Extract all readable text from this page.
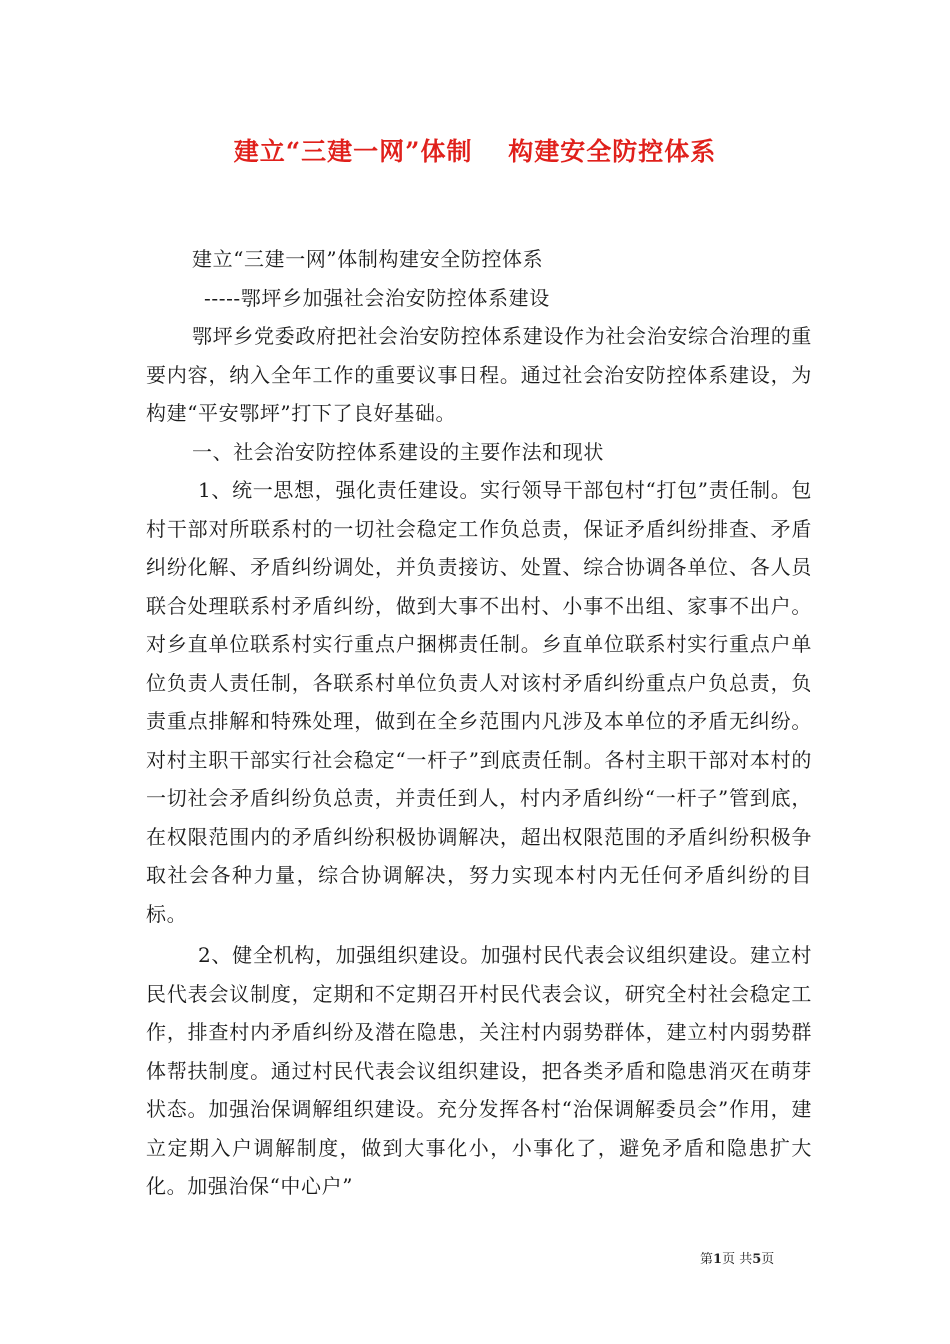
建立“三建一网”体制　 构建安全防控体系

建立“三建一网”体制构建安全防控体系

-----鄂坪乡加强社会治安防控体系建设

鄂坪乡党委政府把社会治安防控体系建设作为社会治安综合治理的重要内容，纳入全年工作的重要议事日程。通过社会治安防控体系建设，为构建“平安鄂坪”打下了良好基础。

一、社会治安防控体系建设的主要作法和现状

1、统一思想，强化责任建设。实行领导干部包村“打包”责任制。包村干部对所联系村的一切社会稳定工作负总责，保证矛盾纠纷排查、矛盾纠纷化解、矛盾纠纷调处，并负责接访、处置、综合协调各单位、各人员联合处理联系村矛盾纠纷，做到大事不出村、小事不出组、家事不出户。对乡直单位联系村实行重点户捆梆责任制。乡直单位联系村实行重点户单位负责人责任制，各联系村单位负责人对该村矛盾纠纷重点户负总责，负责重点排解和特殊处理，做到在全乡范围内凡涉及本单位的矛盾无纠纷。对村主职干部实行社会稳定“一杆子”到底责任制。各村主职干部对本村的一切社会矛盾纠纷负总责，并责任到人，村内矛盾纠纷“一杆子”管到底，在权限范围内的矛盾纠纷积极协调解决，超出权限范围的矛盾纠纷积极争取社会各种力量，综合协调解决，努力实现本村内无任何矛盾纠纷的目标。

2、健全机构，加强组织建设。加强村民代表会议组织建设。建立村民代表会议制度，定期和不定期召开村民代表会议，研究全村社会稳定工作，排查村内矛盾纠纷及潜在隐患，关注村内弱势群体，建立村内弱势群体帮扶制度。通过村民代表会议组织建设，把各类矛盾和隐患消灭在萌芽状态。加强治保调解组织建设。充分发挥各村“治保调解委员会”作用，建立定期入户调解制度，做到大事化小，小事化了，避免矛盾和隐患扩大化。加强治保“中心户”

第1页 共5页
